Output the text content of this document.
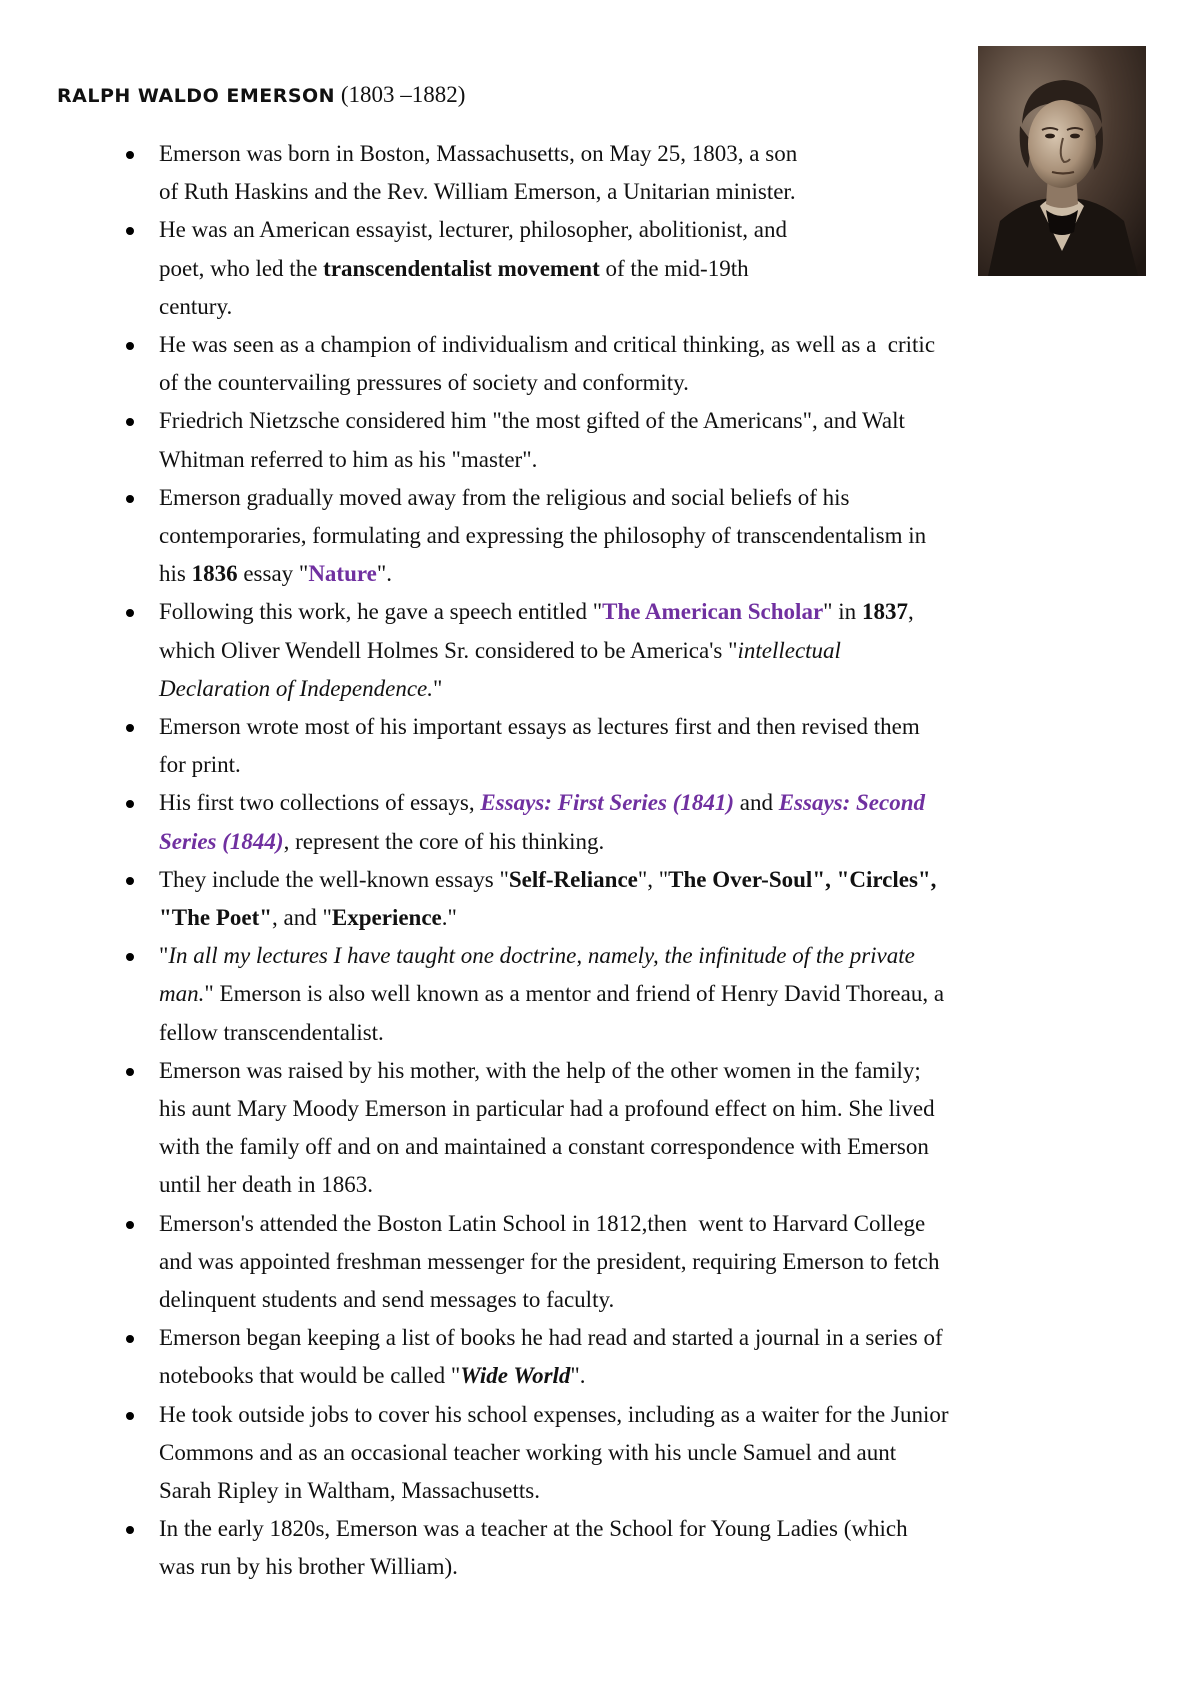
RALPH WALDO EMERSON (1803 –1882)
Emerson was born in Boston, Massachusetts, on May 25, 1803, a son
of Ruth Haskins and the Rev. William Emerson, a Unitarian minister.
He was an American essayist, lecturer, philosopher, abolitionist, and
poet, who led the transcendentalist movement of the mid-19th
century.
He was seen as a champion of individualism and critical thinking, as well as a  critic
of the countervailing pressures of society and conformity.
Friedrich Nietzsche considered him "the most gifted of the Americans", and Walt
Whitman referred to him as his "master".
Emerson gradually moved away from the religious and social beliefs of his
contemporaries, formulating and expressing the philosophy of transcendentalism in
his 1836 essay "Nature".
Following this work, he gave a speech entitled "The American Scholar" in 1837,
which Oliver Wendell Holmes Sr. considered to be America's "intellectual
Declaration of Independence."
Emerson wrote most of his important essays as lectures first and then revised them
for print.
His first two collections of essays, Essays: First Series (1841) and Essays: Second
Series (1844), represent the core of his thinking.
They include the well-known essays "Self-Reliance", "The Over-Soul", "Circles",
"The Poet", and "Experience."
"In all my lectures I have taught one doctrine, namely, the infinitude of the private
man." Emerson is also well known as a mentor and friend of Henry David Thoreau, a
fellow transcendentalist.
Emerson was raised by his mother, with the help of the other women in the family;
his aunt Mary Moody Emerson in particular had a profound effect on him. She lived
with the family off and on and maintained a constant correspondence with Emerson
until her death in 1863.
Emerson's attended the Boston Latin School in 1812,then  went to Harvard College
and was appointed freshman messenger for the president, requiring Emerson to fetch
delinquent students and send messages to faculty.
Emerson began keeping a list of books he had read and started a journal in a series of
notebooks that would be called "Wide World".
He took outside jobs to cover his school expenses, including as a waiter for the Junior
Commons and as an occasional teacher working with his uncle Samuel and aunt
Sarah Ripley in Waltham, Massachusetts.
In the early 1820s, Emerson was a teacher at the School for Young Ladies (which
was run by his brother William).
